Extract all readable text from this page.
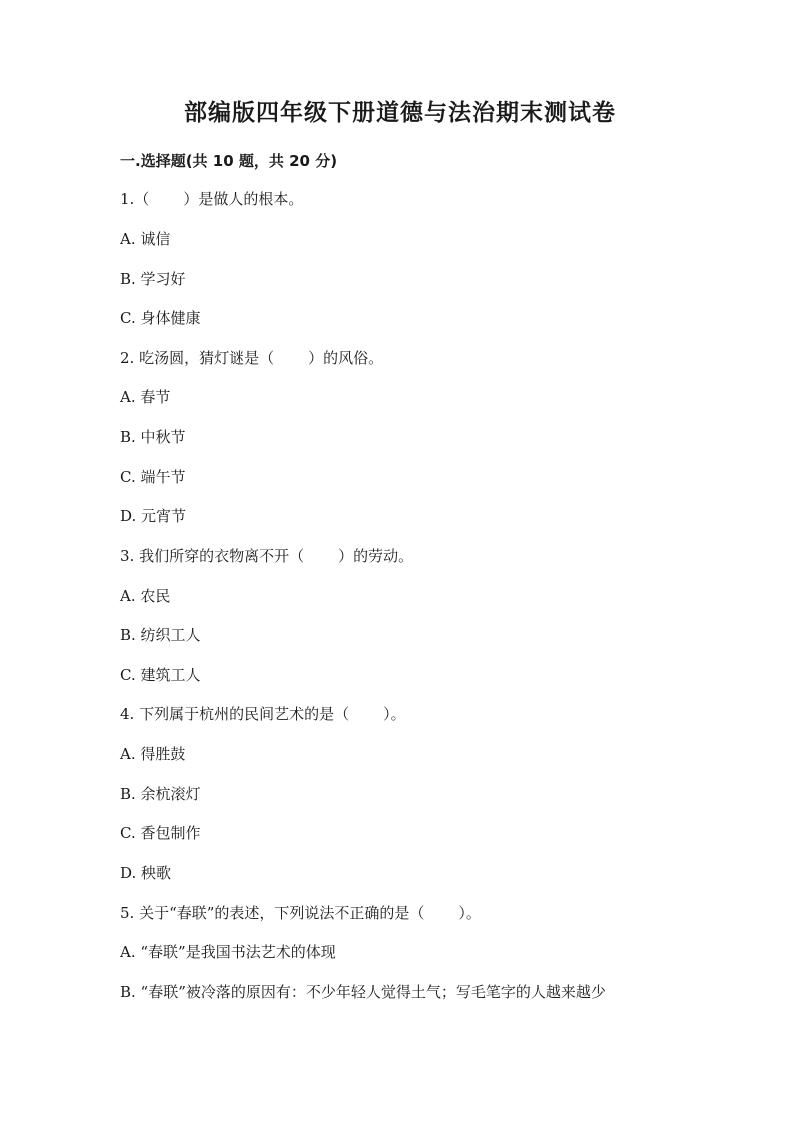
部编版四年级下册道德与法治期末测试卷
一.选择题(共 10 题，共 20 分)
1.（ ）是做人的根本。
A. 诚信
B. 学习好
C. 身体健康
2. 吃汤圆，猜灯谜是（ ）的风俗。
A. 春节
B. 中秋节
C. 端午节
D. 元宵节
3. 我们所穿的衣物离不开（ ）的劳动。
A. 农民
B. 纺织工人
C. 建筑工人
4. 下列属于杭州的民间艺术的是（ ）。
A. 得胜鼓
B. 余杭滚灯
C. 香包制作
D. 秧歌
5. 关于“春联”的表述，下列说法不正确的是（ ）。
A. “春联”是我国书法艺术的体现
B. “春联”被冷落的原因有：不少年轻人觉得土气；写毛笔字的人越来越少
